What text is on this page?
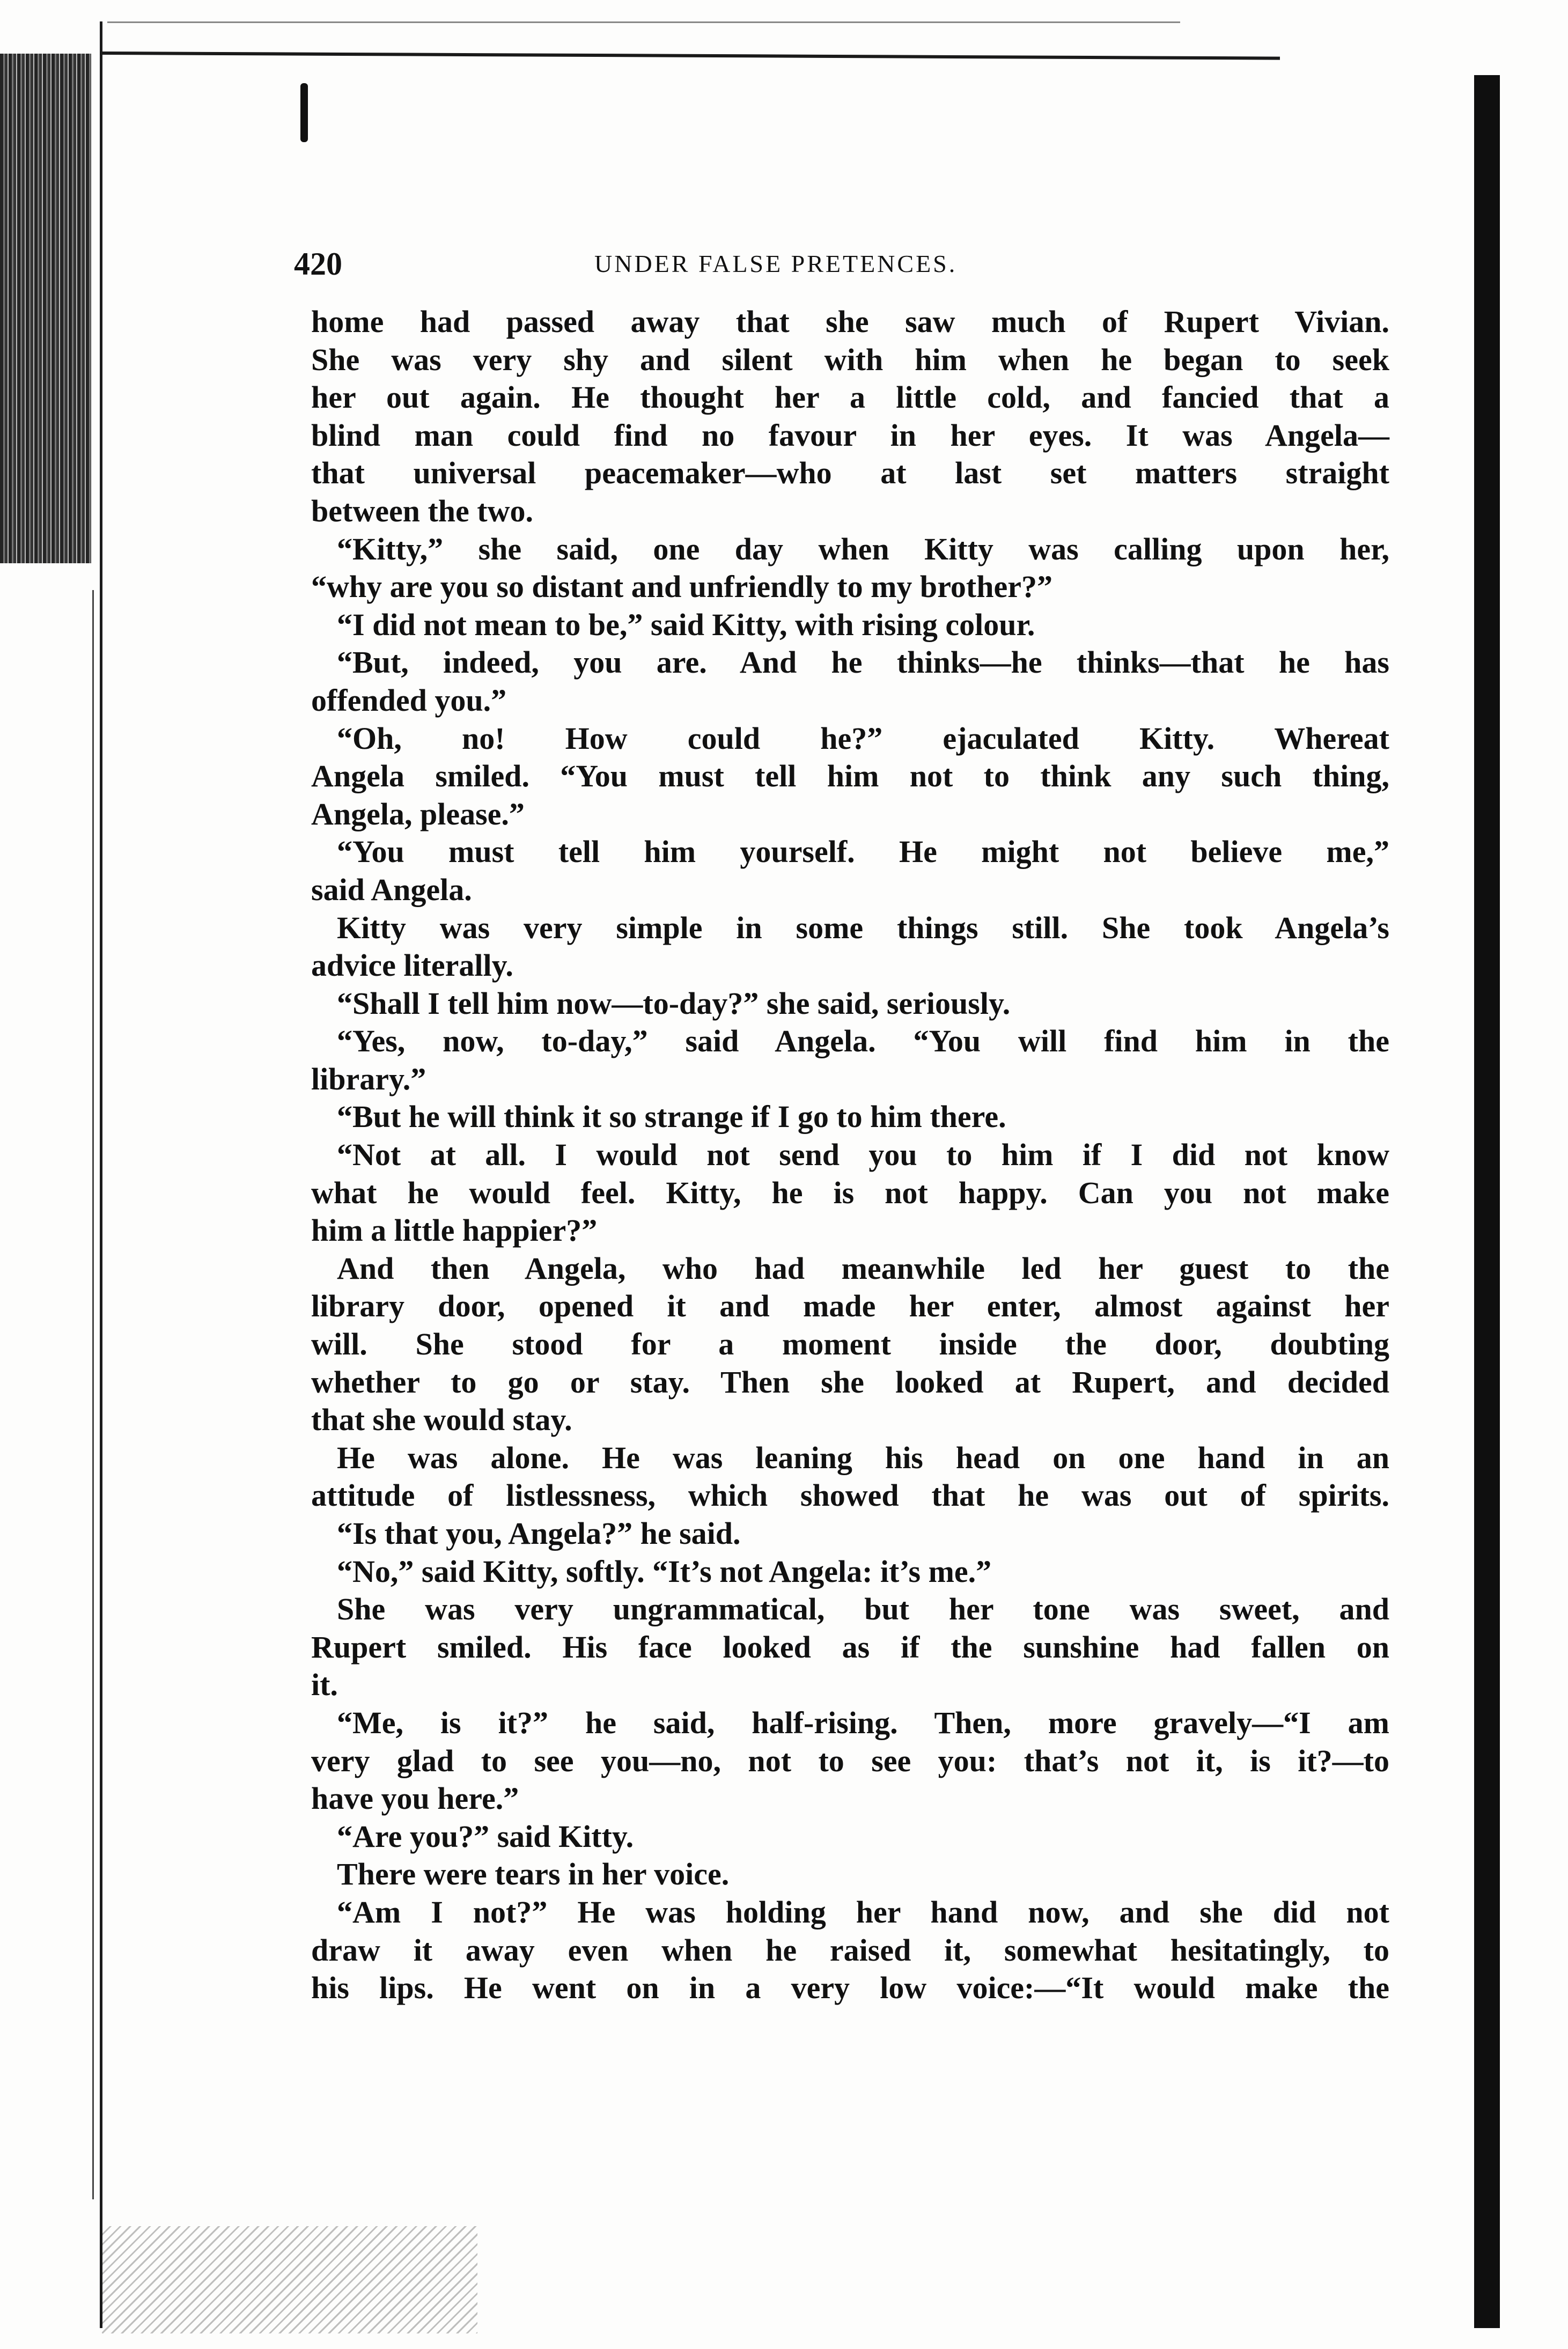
420	UNDER FALSE PRETENCES.
home had passed away that she saw much of Rupert Vivian.
She was very shy and silent with him when he began to seek
her out again. He thought her a little cold, and fancied that a
blind man could find no favour in her eyes. It was Angela—
that universal peacemaker—who at last set matters straight
between the two.
“Kitty,” she said, one day when Kitty was calling upon her,
“why are you so distant and unfriendly to my brother?”
“I did not mean to be,” said Kitty, with rising colour.
“But, indeed, you are. And he thinks—he thinks—that he has
offended you.”
“Oh, no! How could he?” ejaculated Kitty. Whereat
Angela smiled. “You must tell him not to think any such thing,
Angela, please.”
“You must tell him yourself. He might not believe me,”
said Angela.
Kitty was very simple in some things still. She took Angela’s
advice literally.
“Shall I tell him now—to-day?” she said, seriously.
“Yes, now, to-day,” said Angela. “You will find him in the
library.”
“But he will think it so strange if I go to him there.
“Not at all. I would not send you to him if I did not know
what he would feel. Kitty, he is not happy. Can you not make
him a little happier?”
And then Angela, who had meanwhile led her guest to the
library door, opened it and made her enter, almost against her
will. She stood for a moment inside the door, doubting
whether to go or stay. Then she looked at Rupert, and decided
that she would stay.
He was alone. He was leaning his head on one hand in an
attitude of listlessness, which showed that he was out of spirits.
“Is that you, Angela?” he said.
“No,” said Kitty, softly. “It’s not Angela: it’s me.”
She was very ungrammatical, but her tone was sweet, and
Rupert smiled. His face looked as if the sunshine had fallen on
it.
“Me, is it?” he said, half-rising. Then, more gravely—“I am
very glad to see you—no, not to see you: that’s not it, is it?—to
have you here.”
“Are you?” said Kitty.
There were tears in her voice.
“Am I not?” He was holding her hand now, and she did not
draw it away even when he raised it, somewhat hesitatingly, to
his lips. He went on in a very low voice:—“It would make the
